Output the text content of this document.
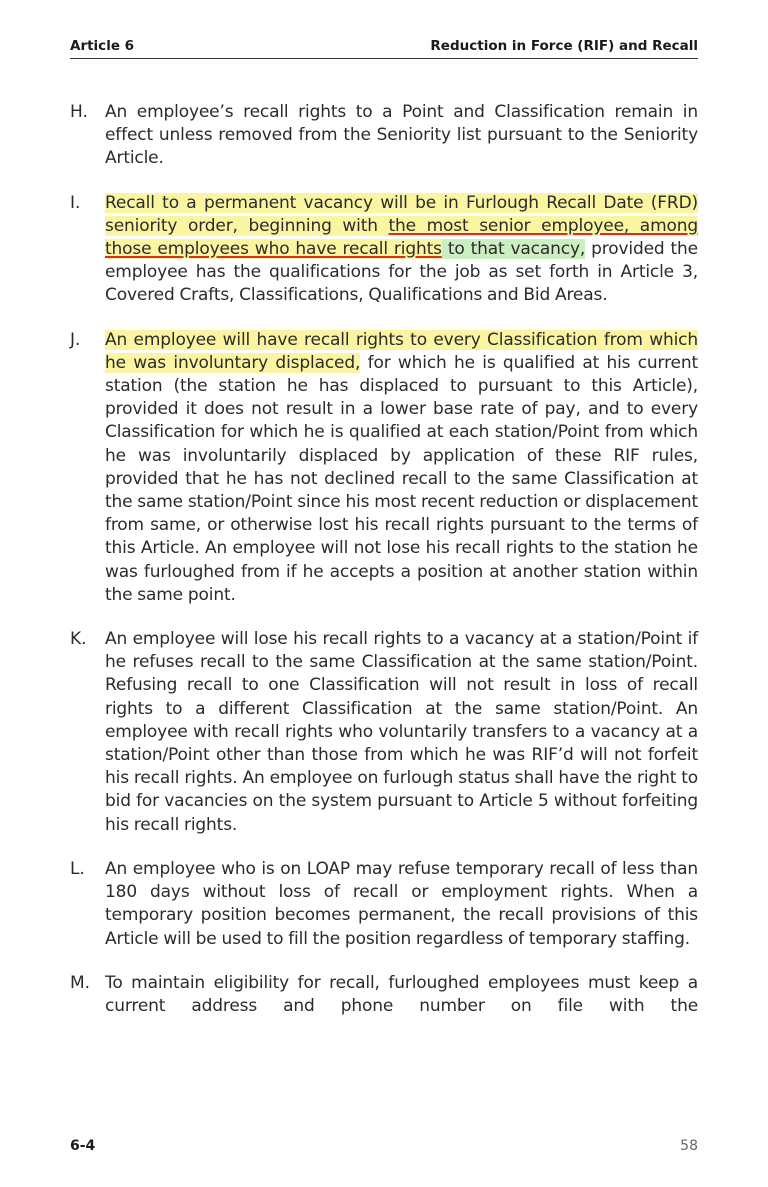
Article 6	Reduction in Force (RIF) and Recall
H.	An employee’s recall rights to a Point and Classification remain in effect unless removed from the Seniority list pursuant to the Seniority Article.
I.	Recall to a permanent vacancy will be in Furlough Recall Date (FRD) seniority order, beginning with the most senior employee, among those employees who have recall rights to that vacancy, provided the employee has the qualifications for the job as set forth in Article 3, Covered Crafts, Classifications, Qualifications and Bid Areas.
J.	An employee will have recall rights to every Classification from which he was involuntary displaced, for which he is qualified at his current station (the station he has displaced to pursuant to this Article), provided it does not result in a lower base rate of pay, and to every Classification for which he is qualified at each station/Point from which he was involuntarily displaced by application of these RIF rules, provided that he has not declined recall to the same Classification at the same station/Point since his most recent reduction or displacement from same, or otherwise lost his recall rights pursuant to the terms of this Article. An employee will not lose his recall rights to the station he was furloughed from if he accepts a position at another station within the same point.
K.	An employee will lose his recall rights to a vacancy at a station/Point if he refuses recall to the same Classification at the same station/Point. Refusing recall to one Classification will not result in loss of recall rights to a different Classification at the same station/Point. An employee with recall rights who voluntarily transfers to a vacancy at a station/Point other than those from which he was RIF’d will not forfeit his recall rights. An employee on furlough status shall have the right to bid for vacancies on the system pursuant to Article 5 without forfeiting his recall rights.
L.	An employee who is on LOAP may refuse temporary recall of less than 180 days without loss of recall or employment rights. When a temporary position becomes permanent, the recall provisions of this Article will be used to fill the position regardless of temporary staffing.
M. To maintain eligibility for recall, furloughed employees must keep a current address and phone number on file with the
6-4	58
